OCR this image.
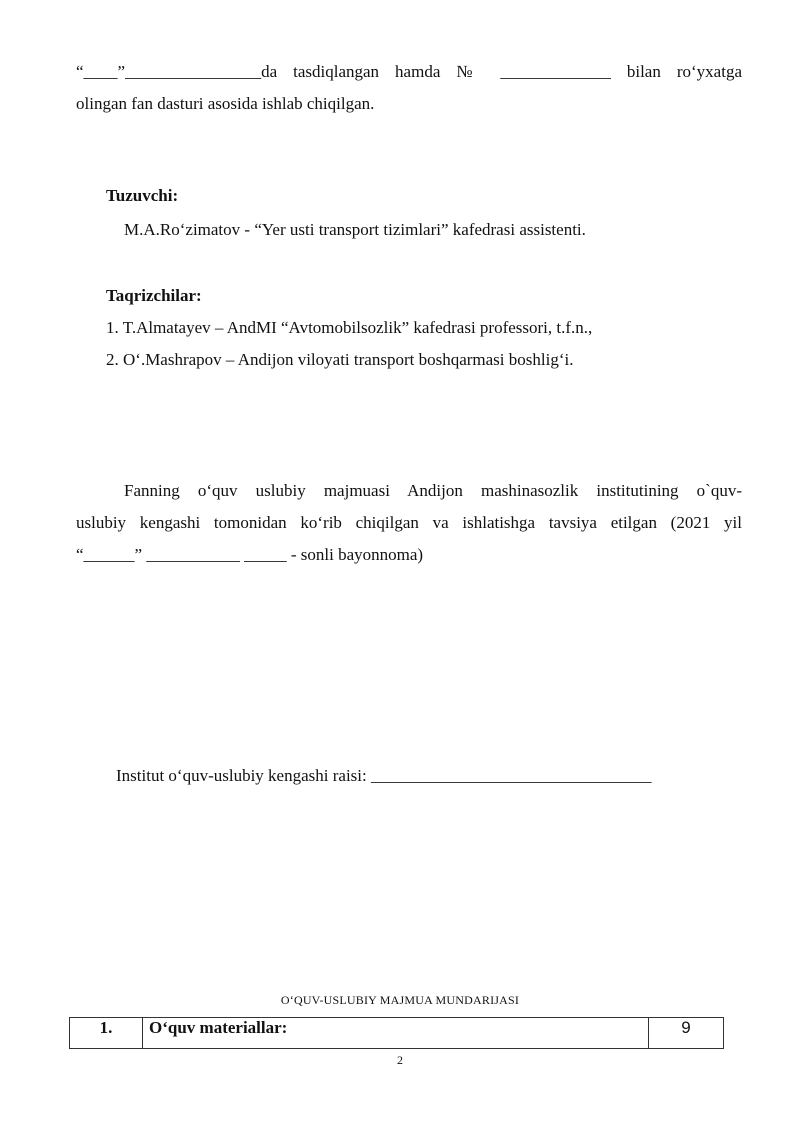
“____”________________da tasdiqlangan hamda № _____________ bilan ro‘yxatga

olingan fan dasturi asosida ishlab chiqilgan.

Tuzuvchi:

M.A.Ro‘zimatov - “Yer usti transport tizimlari” kafedrasi assistenti.

Taqrizchilar:

1. T.Almatayev – AndMI “Avtomobilsozlik” kafedrasi professori, t.f.n.,

2. O‘.Mashrapov – Andijon viloyati transport boshqarmasi boshlig‘i.

Fanning o‘quv uslubiy majmuasi Andijon mashinasozlik institutining o`quv-

uslubiy kengashi tomonidan ko‘rib chiqilgan va ishlatishga tavsiya etilgan (2021 yil

“______” ___________ _____ - sonli bayonnoma)

Institut o‘quv-uslubiy kengashi raisi: _________________________________

O‘QUV-USLUBIY MAJMUA MUNDARIJASI
1.	O‘quv materiallar:	9
2
